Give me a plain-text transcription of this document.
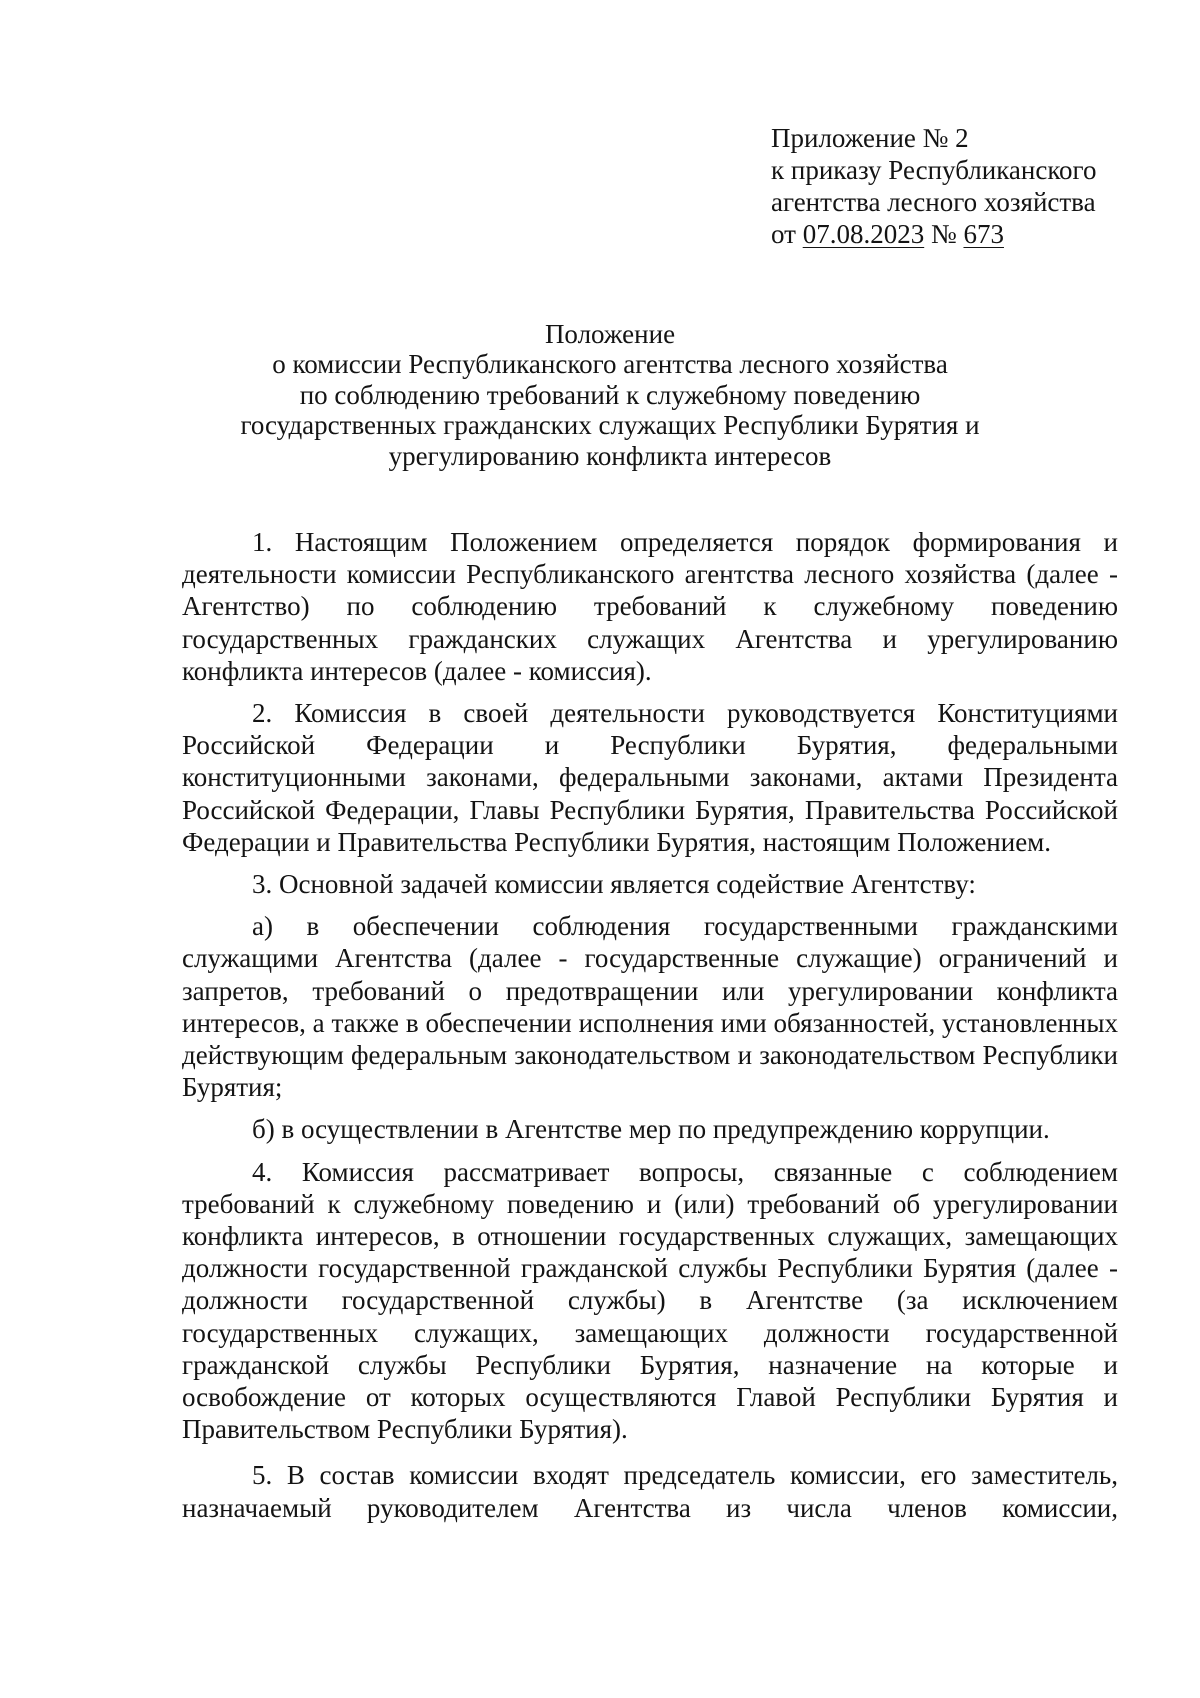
Приложение № 2
к приказу Республиканского
агентства лесного хозяйства
от 07.08.2023 № 673
Положение
о комиссии Республиканского агентства лесного хозяйства
по соблюдению требований к служебному поведению
государственных гражданских служащих Республики Бурятия и
урегулированию конфликта интересов

1. Настоящим Положением определяется порядок формирования и деятельности комиссии Республиканского агентства лесного хозяйства (далее - Агентство) по соблюдению требований к служебному поведению государственных гражданских служащих Агентства и урегулированию конфликта интересов (далее - комиссия).

2. Комиссия в своей деятельности руководствуется Конституциями Российской Федерации и Республики Бурятия, федеральными конституционными законами, федеральными законами, актами Президента Российской Федерации, Главы Республики Бурятия, Правительства Российской Федерации и Правительства Республики Бурятия, настоящим Положением.

3. Основной задачей комиссии является содействие Агентству:

а) в обеспечении соблюдения государственными гражданскими служащими Агентства (далее - государственные служащие) ограничений и запретов, требований о предотвращении или урегулировании конфликта интересов, а также в обеспечении исполнения ими обязанностей, установленных действующим федеральным законодательством и законодательством Республики Бурятия;

б) в осуществлении в Агентстве мер по предупреждению коррупции.

4. Комиссия рассматривает вопросы, связанные с соблюдением требований к служебному поведению и (или) требований об урегулировании конфликта интересов, в отношении государственных служащих, замещающих должности государственной гражданской службы Республики Бурятия (далее - должности государственной службы) в Агентстве (за исключением государственных служащих, замещающих должности государственной гражданской службы Республики Бурятия, назначение на которые и освобождение от которых осуществляются Главой Республики Бурятия и Правительством Республики Бурятия).

5. В состав комиссии входят председатель комиссии, его заместитель, назначаемый руководителем Агентства из числа членов комиссии,
